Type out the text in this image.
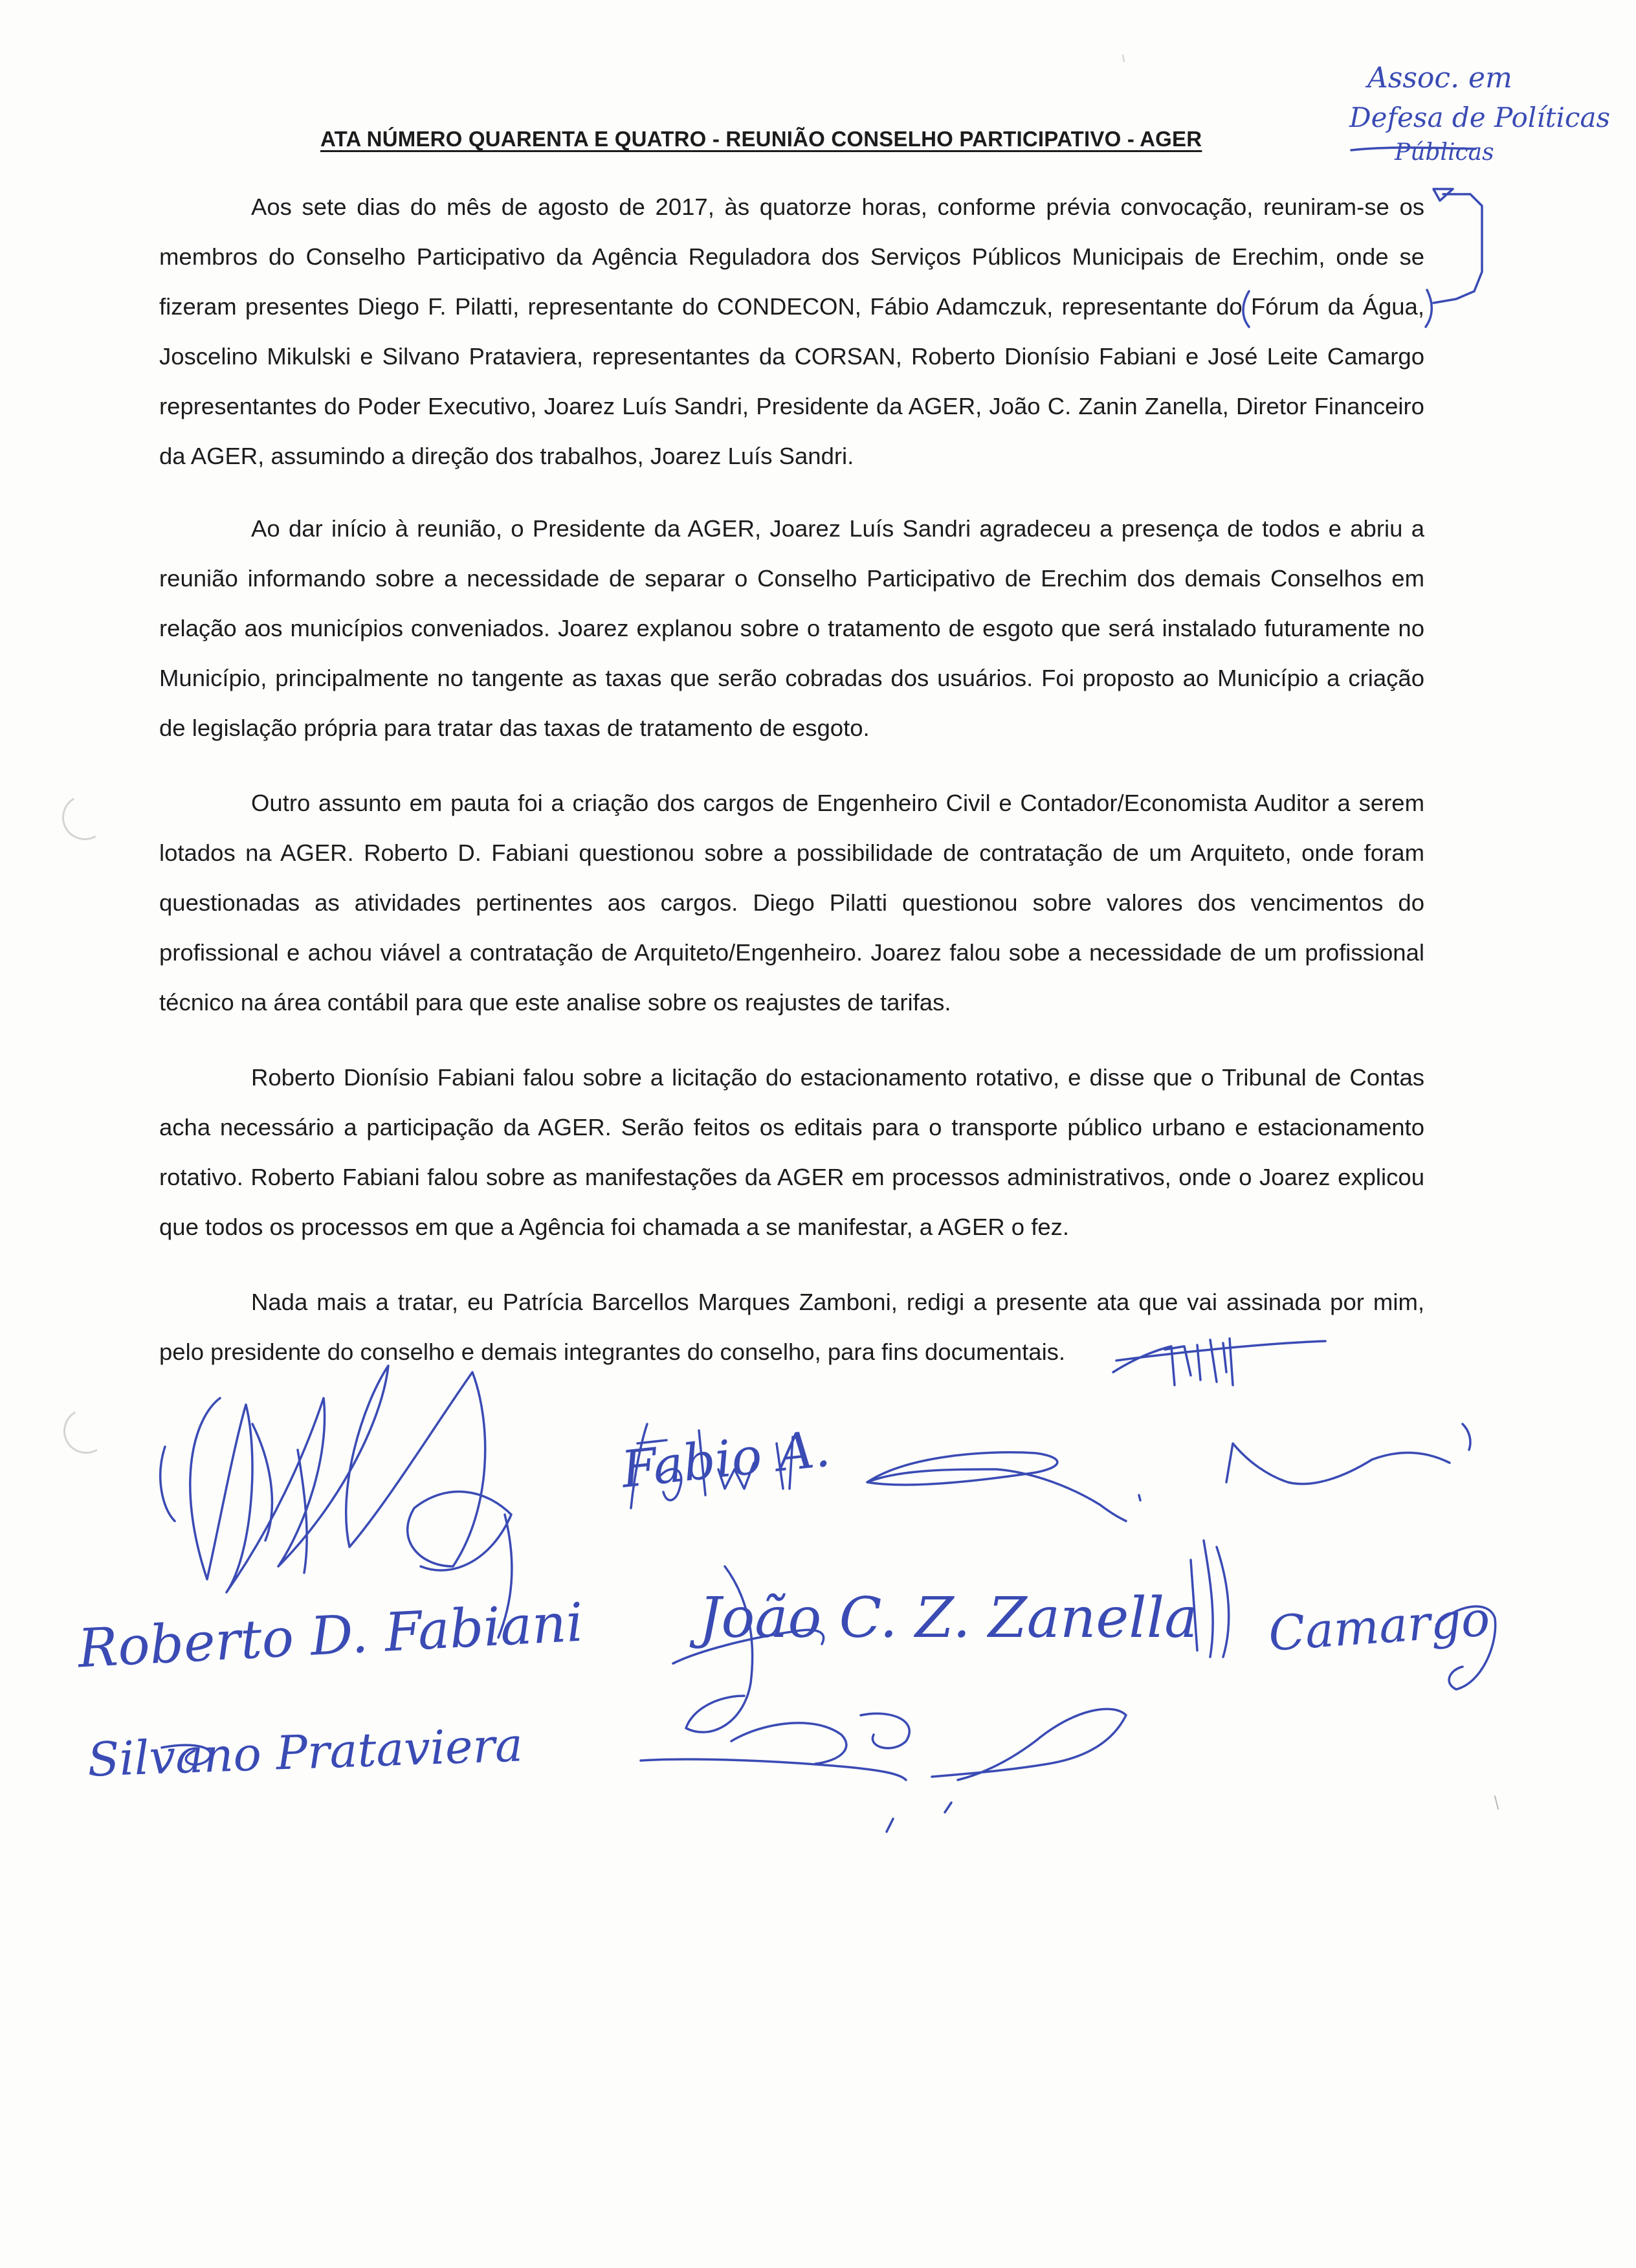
ATA NÚMERO QUARENTA E QUATRO - REUNIÃO CONSELHO PARTICIPATIVO - AGER

Aos sete dias do mês de agosto de 2017, às quatorze horas, conforme prévia convocação, reuniram-se os membros do Conselho Participativo da Agência Reguladora dos Serviços Públicos Municipais de Erechim, onde se fizeram presentes Diego F. Pilatti, representante do CONDECON, Fábio Adamczuk, representante do Fórum da Água, Joscelino Mikulski e Silvano Prataviera, representantes da CORSAN, Roberto Dionísio Fabiani e José Leite Camargo representantes do Poder Executivo, Joarez Luís Sandri, Presidente da AGER, João C. Zanin Zanella, Diretor Financeiro da AGER, assumindo a direção dos trabalhos, Joarez Luís Sandri.

Ao dar início à reunião, o Presidente da AGER, Joarez Luís Sandri agradeceu a presença de todos e abriu a reunião informando sobre a necessidade de separar o Conselho Participativo de Erechim dos demais Conselhos em relação aos municípios conveniados. Joarez explanou sobre o tratamento de esgoto que será instalado futuramente no Município, principalmente no tangente as taxas que serão cobradas dos usuários. Foi proposto ao Município a criação de legislação própria para tratar das taxas de tratamento de esgoto.

Outro assunto em pauta foi a criação dos cargos de Engenheiro Civil e Contador/Economista Auditor a serem lotados na AGER. Roberto D. Fabiani questionou sobre a possibilidade de contratação de um Arquiteto, onde foram questionadas as atividades pertinentes aos cargos. Diego Pilatti questionou sobre valores dos vencimentos do profissional e achou viável a contratação de Arquiteto/Engenheiro. Joarez falou sobe a necessidade de um profissional técnico na área contábil para que este analise sobre os reajustes de tarifas.

Roberto Dionísio Fabiani falou sobre a licitação do estacionamento rotativo, e disse que o Tribunal de Contas acha necessário a participação da AGER. Serão feitos os editais para o transporte público urbano e estacionamento rotativo. Roberto Fabiani falou sobre as manifestações da AGER em processos administrativos, onde o Joarez explicou que todos os processos em que a Agência foi chamada a se manifestar, a AGER o fez.

Nada mais a tratar, eu Patrícia Barcellos Marques Zamboni, redigi a presente ata que vai assinada por mim, pelo presidente do conselho e demais integrantes do conselho, para fins documentais.

Assoc. em
Defesa de Políticas
Públicas
Fabio A.
Roberto D. Fabiani
Silvano Prataviera
João C. Z. Zanella Camargo
